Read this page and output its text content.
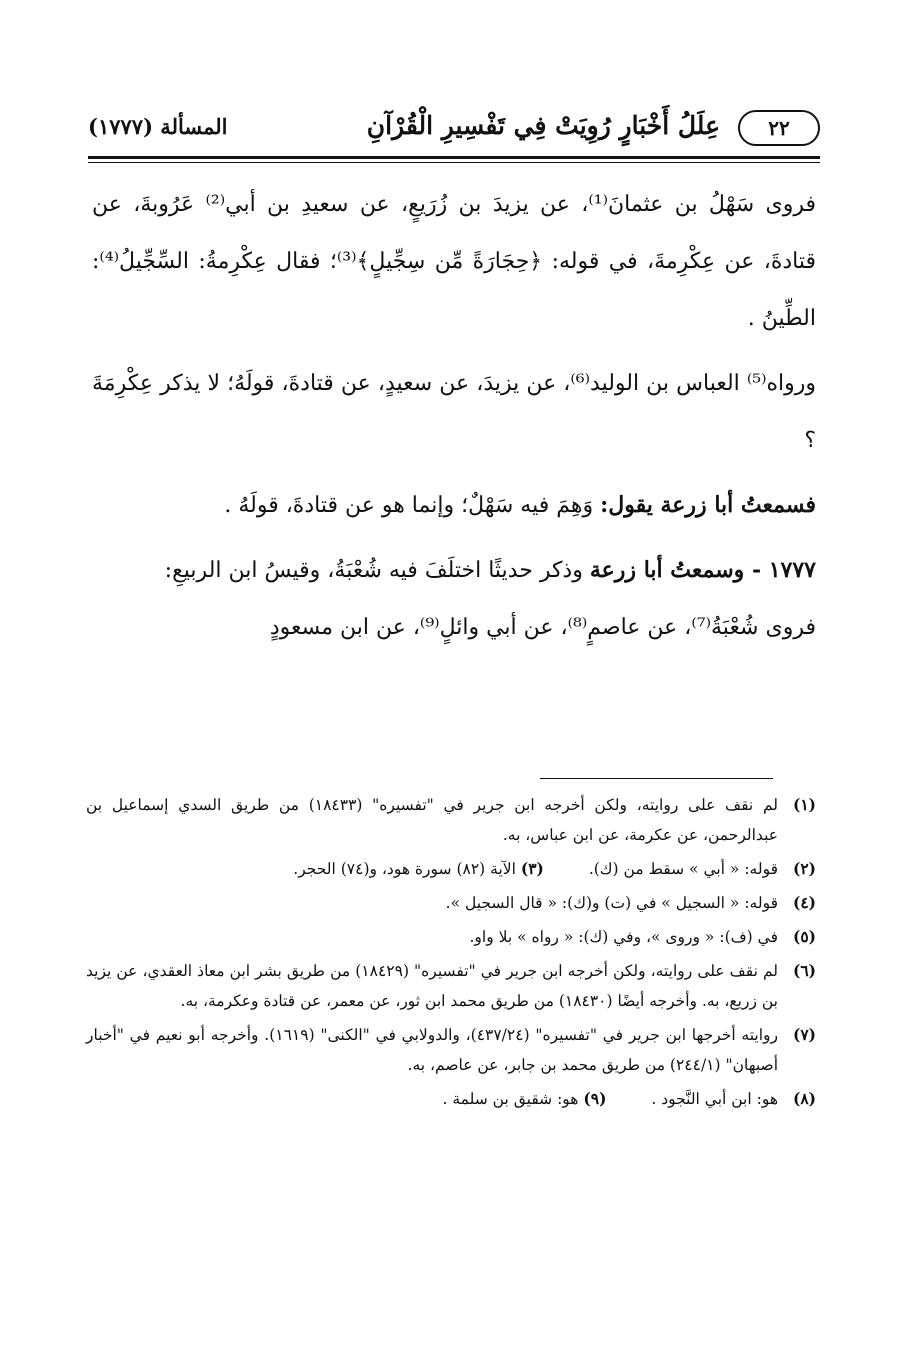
٢٢
عِلَلُ أَخْبَارٍ رُوِيَتْ فِي تَفْسِيرِ الْقُرْآنِ
المسألة (١٧٧٧)

فروى سَهْلُ بن عثمانَ⁽¹⁾، عن يزيدَ بن زُرَيعٍ، عن سعيدِ بن أبي⁽²⁾ عَرُوبةَ، عن قتادةَ، عن عِكْرِمةَ، في قوله: ﴿حِجَارَةً مِّن سِجِّيلٍ﴾⁽³⁾؛ فقال عِكْرِمةُ: السِّجِّيلُ⁽⁴⁾: الطِّينُ .

ورواه⁽⁵⁾ العباس بن الوليد⁽⁶⁾، عن يزيدَ، عن سعيدٍ، عن قتادةَ، قولَهُ؛ لا يذكر عِكْرِمَةَ ؟

فسمعتُ أبا زرعة يقول: وَهِمَ فيه سَهْلٌ؛ وإنما هو عن قتادةَ، قولَهُ .

١٧٧٧ - وسمعتُ أبا زرعة وذكر حديثًا اختلَفَ فيه شُعْبَةُ، وقيسُ ابن الربيعِ:

فروى شُعْبَةُ⁽⁷⁾، عن عاصمٍ⁽⁸⁾، عن أبي وائلٍ⁽⁹⁾، عن ابن مسعودٍ

(١)
لم نقف على روايته، ولكن أخرجه ابن جرير في "تفسيره" (١٨٤٣٣) من طريق السدي إسماعيل بن عبدالرحمن، عن عكرمة، عن ابن عباس، به.
(٢)
قوله: « أبي » سقط من (ك). (٣) الآية (٨٢) سورة هود، و(٧٤) الحجر.
(٤)
قوله: « السجيل » في (ت) و(ك): « قال السجيل ».
(٥)
في (ف): « وروى »، وفي (ك): « رواه » بلا واو.
(٦)
لم نقف على روايته، ولكن أخرجه ابن جرير في "تفسيره" (١٨٤٢٩) من طريق بشر ابن معاذ العقدي، عن يزيد بن زريع، به. وأخرجه أيضًا (١٨٤٣٠) من طريق محمد ابن ثور، عن معمر، عن قتادة وعكرمة، به.
(٧)
روايته أخرجها ابن جرير في "تفسيره" (٤٣٧/٢٤)، والدولابي في "الكنى" (١٦١٩). وأخرجه أبو نعيم في "أخبار أصبهان" (٢٤٤/١) من طريق محمد بن جابر، عن عاصم، به.
(٨)
هو: ابن أبي النَّجود . (٩) هو: شقيق بن سلمة .
